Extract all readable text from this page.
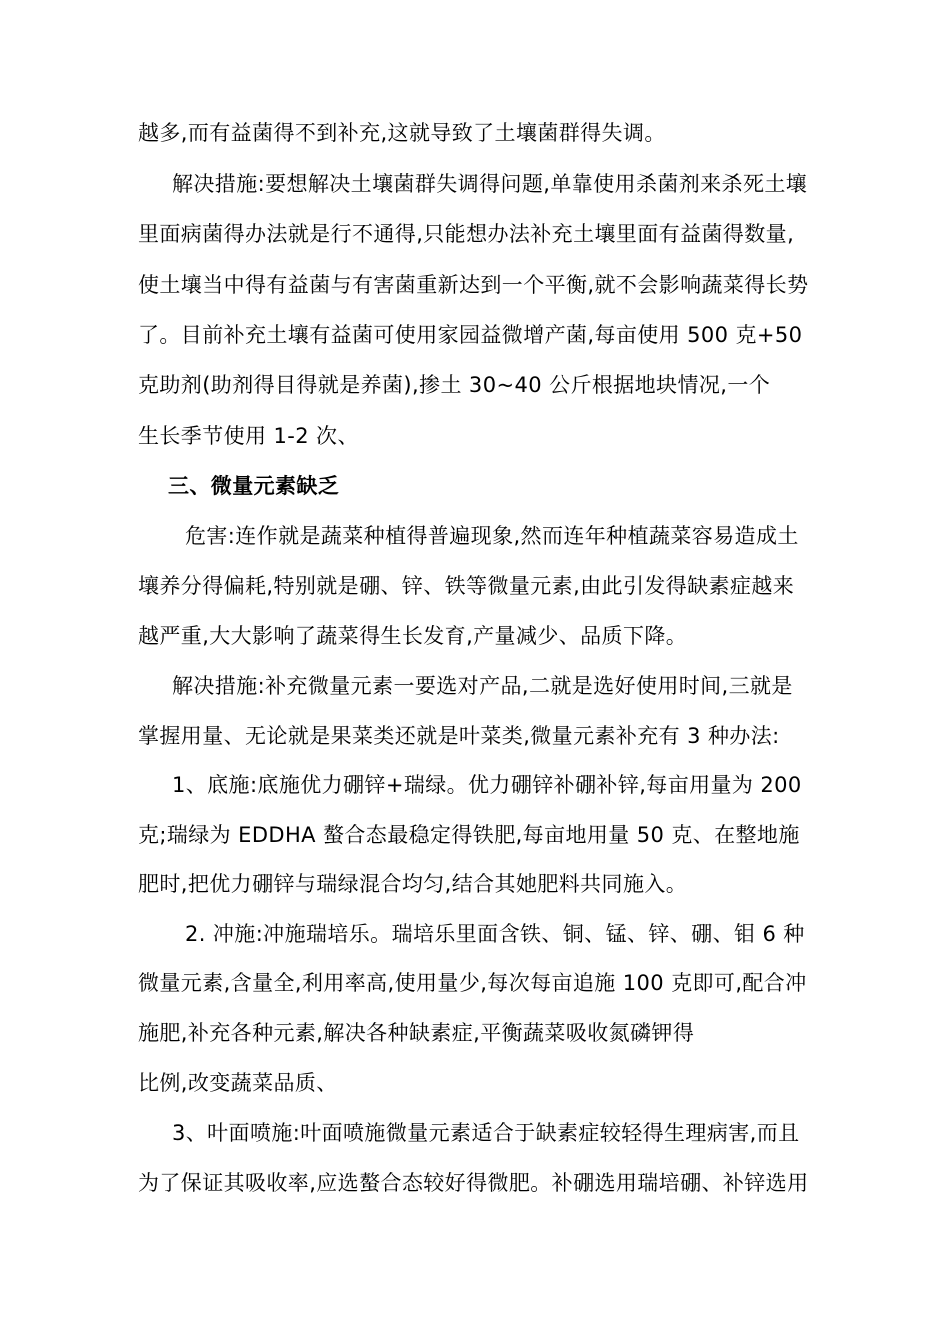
越多,而有益菌得不到补充,这就导致了土壤菌群得失调。
解决措施:要想解决土壤菌群失调得问题,单靠使用杀菌剂来杀死土壤
里面病菌得办法就是行不通得,只能想办法补充土壤里面有益菌得数量,
使土壤当中得有益菌与有害菌重新达到一个平衡,就不会影响蔬菜得长势
了。目前补充土壤有益菌可使用家园益微增产菌,每亩使用 500 克+50
克助剂(助剂得目得就是养菌),掺土 30~40 公斤根据地块情况,一个
生长季节使用 1-2 次、
三、微量元素缺乏
危害:连作就是蔬菜种植得普遍现象,然而连年种植蔬菜容易造成土
壤养分得偏耗,特别就是硼、锌、铁等微量元素,由此引发得缺素症越来
越严重,大大影响了蔬菜得生长发育,产量减少、品质下降。
解决措施:补充微量元素一要选对产品,二就是选好使用时间,三就是
掌握用量、无论就是果菜类还就是叶菜类,微量元素补充有 3 种办法:
1、底施:底施优力硼锌+瑞绿。优力硼锌补硼补锌,每亩用量为 200
克;瑞绿为 EDDHA 螯合态最稳定得铁肥,每亩地用量 50 克、在整地施
肥时,把优力硼锌与瑞绿混合均匀,结合其她肥料共同施入。
2. 冲施:冲施瑞培乐。瑞培乐里面含铁、铜、锰、锌、硼、钼 6 种
微量元素,含量全,利用率高,使用量少,每次每亩追施 100 克即可,配合冲
施肥,补充各种元素,解决各种缺素症,平衡蔬菜吸收氮磷钾得
比例,改变蔬菜品质、
3、叶面喷施:叶面喷施微量元素适合于缺素症较轻得生理病害,而且
为了保证其吸收率,应选螯合态较好得微肥。补硼选用瑞培硼、补锌选用
